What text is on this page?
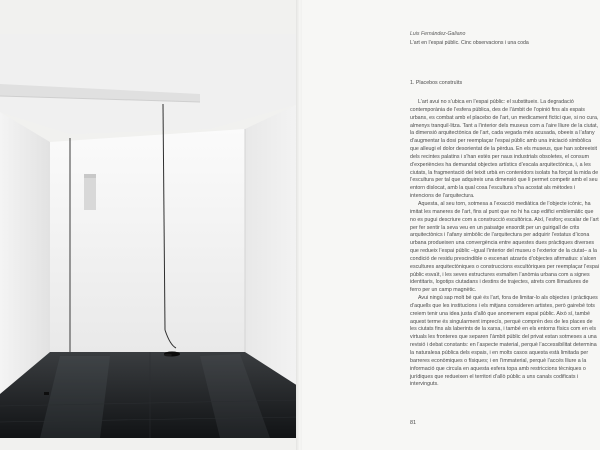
Luis Fernández-Galiano
L’art en l’espai públic. Cinc observacions i una coda
1. Placebos construïts

L’art avui no s’ubica en l’espai públic: el substitueix. La degradació contemporània de l’esfera pública, des de l’àmbit de l’opinió fins als espais urbans, es combat amb el placebo de l’art, un medicament fictici que, si no cura, almenys tranquil·litza. Tant a l’interior dels museus com a l’aire lliure de la ciutat, la dimensió arquitectònica de l’art, cada vegada més acusada, obeeix a l’afany d’augmentar la dosi per reemplaçar l’espai públic amb una iniciació simbòlica que alleugi el dolor desorientat de la pèrdua. En els museus, que han sobreeixit dels recintes palatins i s’han estès per naus industrials obsoletes, el consum d’experiències ha demandat objectes artístics d’escala arquitectònica, i, a les ciutats, la fragmentació del teixit urbà en contenidors isolats ha forçat la mida de l’escultura per tal que adquireix una dimensió que li permet competir amb el seu entorn dislocat, amb la qual cosa l’escultura s’ha acostat als mètodes i intencions de l’arquitectura.

Aquesta, al seu torn, sotmesa a l’exacció mediàtica de l’objecte icònic, ha imitat les maneres de l’art, fins al punt que no hi ha cap edifici emblemàtic que no es pugui descriure com a construcció escultòrica. Així, l’esforç escalar de l’art per fer sentir la seva veu en un paisatge ensordit per un guirigall de crits arquitectònics i l’afany simbòlic de l’arquitectura per adquirir l’estatus d’icona urbana produeixen una convergència entre aquestes dues pràctiques diverses que redueix l’espai públic –igual l’interior del museu o l’exterior de la ciutat– a la condició de residu prescindible o escenari atzarós d’objectes afirmatius: s’alcen escultures arquitectòniques o construccions escultòriques per reemplaçar l’espai públic esvaït, i les seves estructures esmalten l’anòmia urbana com a signes identitaris, logotips ciutadans i destins de trajectes, atrets com llimadures de ferro per un camp magnètic.

Avui ningú sap molt bé què és l’art, fora de limitar-lo als objectes i pràctiques d’aquells que les institucions i els mitjans consideren artistes, però gairebé tots creiem tenir una idea justa d’allò que anomenem espai públic. Això sí, també aquest terme és singularment imprecís, perquè comprèn des de les places de les ciutats fins als laberints de la xarxa, i també en els entorns físics com en els virtuals les fronteres que separen l’àmbit públic del privat estan sotmeses a una revisió i debat constants: en l’aspecte material, perquè l’accessibilitat determina la naturalesa pública dels espais, i en molts casos aquesta està limitada per barreres econòmiques o físiques; i en l’immaterial, perquè l’accés lliure a la informació que circula en aquesta esfera topa amb restriccions tècniques o jurídiques que redueixen el territori d’allò públic a uns canals codificats i intervinguts.

81
